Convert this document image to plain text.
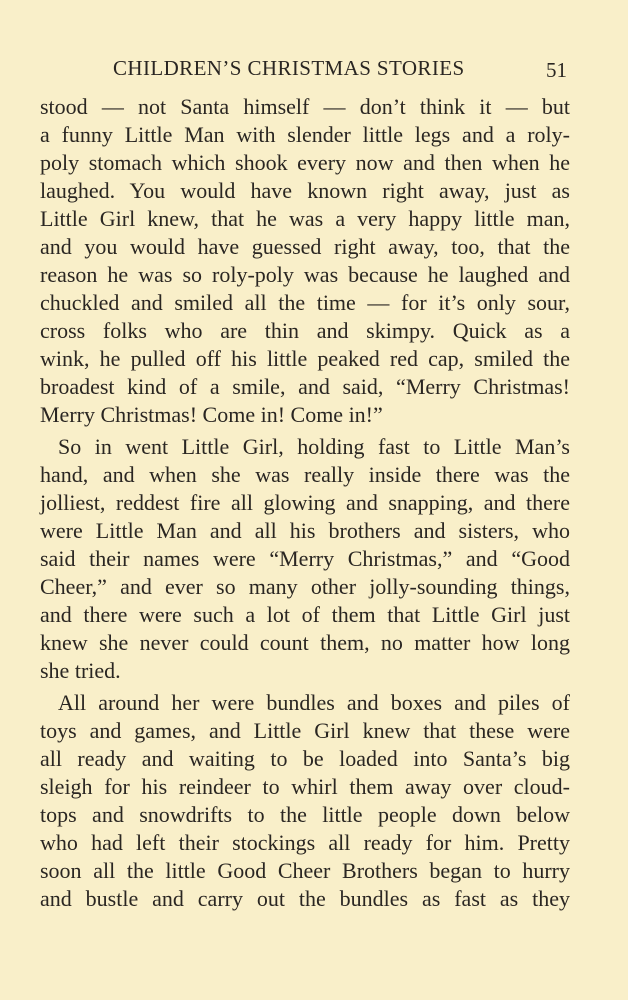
CHILDREN’S CHRISTMAS STORIES	51
stood — not Santa himself — don’t think it — but
a funny Little Man with slender little legs and a roly-
poly stomach which shook every now and then when he
laughed. You would have known right away, just as
Little Girl knew, that he was a very happy little man,
and you would have guessed right away, too, that the
reason he was so roly-poly was because he laughed and
chuckled and smiled all the time — for it’s only sour,
cross folks who are thin and skimpy. Quick as a
wink, he pulled off his little peaked red cap, smiled the
broadest kind of a smile, and said, “Merry Christmas!
Merry Christmas! Come in! Come in!”
So in went Little Girl, holding fast to Little Man’s
hand, and when she was really inside there was the
jolliest, reddest fire all glowing and snapping, and there
were Little Man and all his brothers and sisters, who
said their names were “Merry Christmas,” and “Good
Cheer,” and ever so many other jolly-sounding things,
and there were such a lot of them that Little Girl just
knew she never could count them, no matter how long
she tried.
All around her were bundles and boxes and piles of
toys and games, and Little Girl knew that these were
all ready and waiting to be loaded into Santa’s big
sleigh for his reindeer to whirl them away over cloud-
tops and snowdrifts to the little people down below
who had left their stockings all ready for him. Pretty
soon all the little Good Cheer Brothers began to hurry
and bustle and carry out the bundles as fast as they
